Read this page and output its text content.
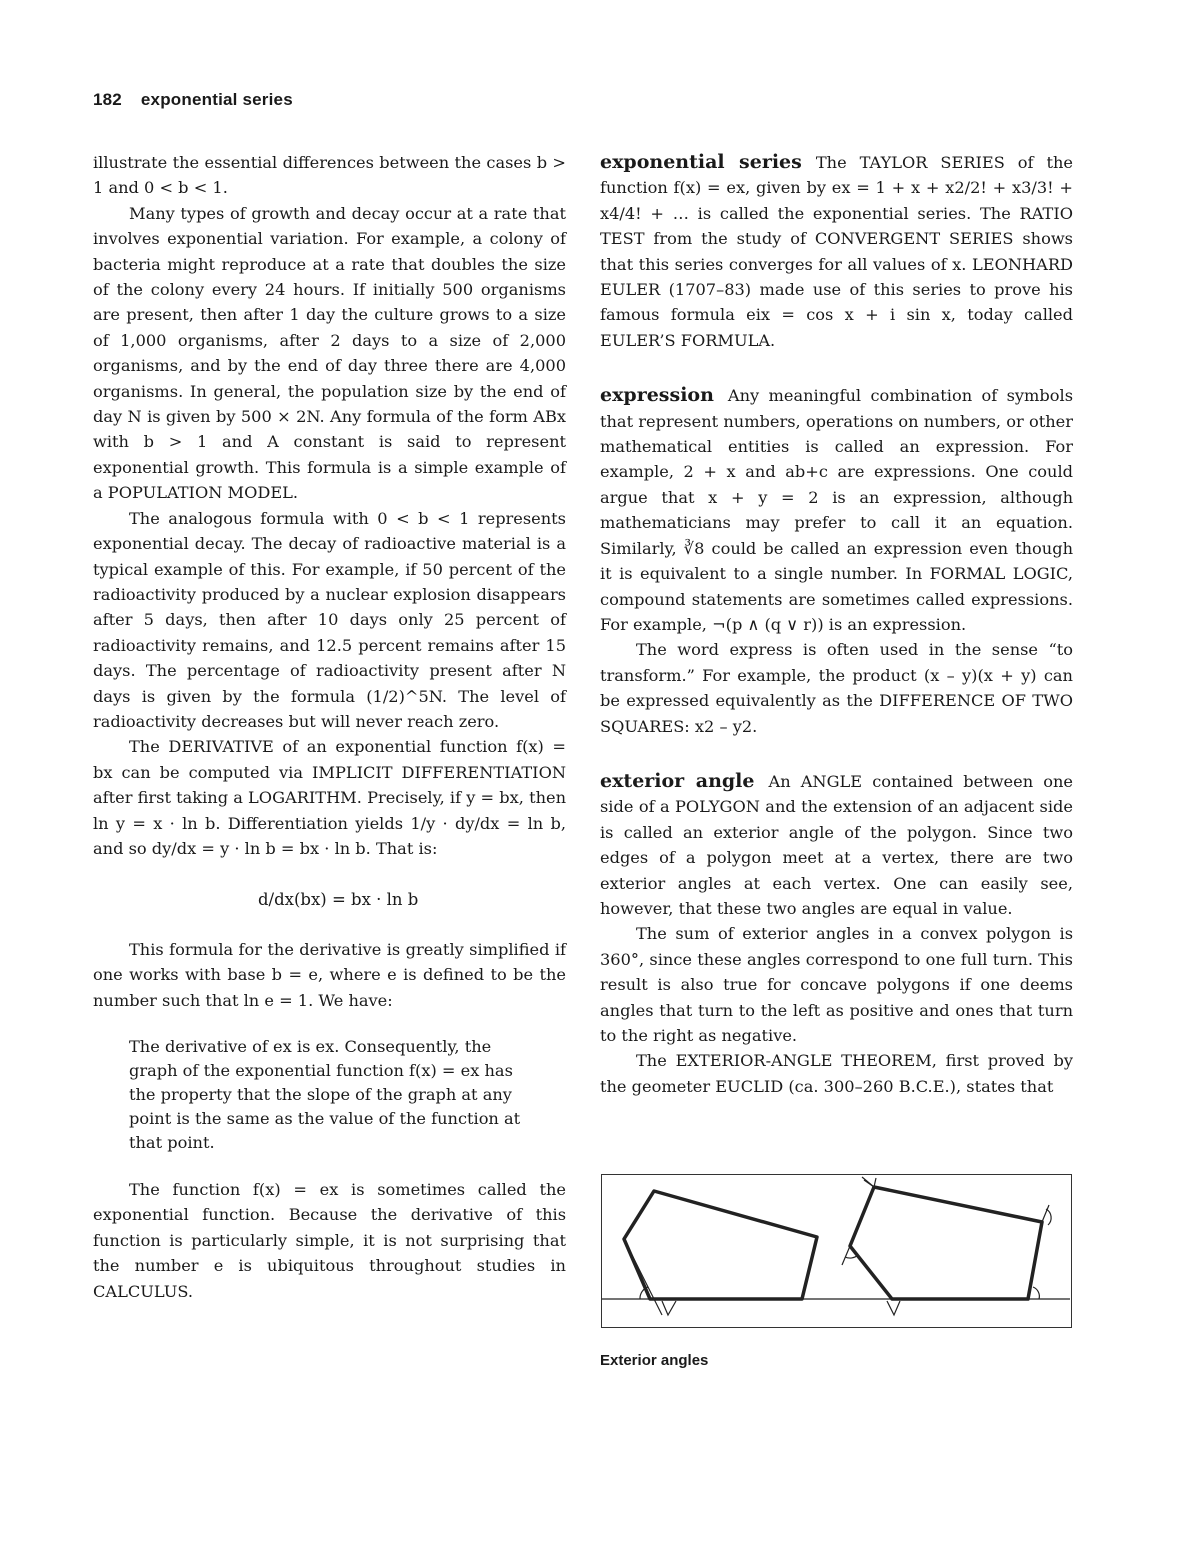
182 exponential series

illustrate the essential differences between the cases b > 1 and 0 < b < 1.

Many types of growth and decay occur at a rate that involves exponential variation. For example, a colony of bacteria might reproduce at a rate that doubles the size of the colony every 24 hours. If initially 500 organisms are present, then after 1 day the culture grows to a size of 1,000 organisms, after 2 days to a size of 2,000 organisms, and by the end of day three there are 4,000 organisms. In general, the population size by the end of day N is given by 500 × 2N. Any formula of the form ABx with b > 1 and A constant is said to represent exponential growth. This formula is a simple example of a POPULATION MODEL.

The analogous formula with 0 < b < 1 represents exponential decay. The decay of radioactive material is a typical example of this. For example, if 50 percent of the radioactivity produced by a nuclear explosion disappears after 5 days, then after 10 days only 25 percent of radioactivity remains, and 12.5 percent remains after 15 days. The percentage of radioactivity present after N days is given by the formula (1/2)^5N. The level of radioactivity decreases but will never reach zero.

The DERIVATIVE of an exponential function f(x) = bx can be computed via IMPLICIT DIFFERENTIATION after first taking a LOGARITHM. Precisely, if y = bx, then ln y = x · ln b. Differentiation yields 1/y · dy/dx = ln b, and so dy/dx = y · ln b = bx · ln b. That is:

d/dx(bx) = bx · ln b

This formula for the derivative is greatly simplified if one works with base b = e, where e is defined to be the number such that ln e = 1. We have:

The derivative of ex is ex. Consequently, the graph of the exponential function f(x) = ex has the property that the slope of the graph at any point is the same as the value of the function at that point.

The function f(x) = ex is sometimes called the exponential function. Because the derivative of this function is particularly simple, it is not surprising that the number e is ubiquitous throughout studies in CALCULUS.

exponential series The TAYLOR SERIES of the function f(x) = ex, given by ex = 1 + x + x2/2! + x3/3! + x4/4! + … is called the exponential series. The RATIO TEST from the study of CONVERGENT SERIES shows that this series converges for all values of x. LEONHARD EULER (1707–83) made use of this series to prove his famous formula eix = cos x + i sin x, today called EULER’S FORMULA.

expression Any meaningful combination of symbols that represent numbers, operations on numbers, or other mathematical entities is called an expression. For example, 2 + x and ab+c are expressions. One could argue that x + y = 2 is an expression, although mathematicians may prefer to call it an equation. Similarly, ∛8 could be called an expression even though it is equivalent to a single number. In FORMAL LOGIC, compound statements are sometimes called expressions. For example, ¬(p ∧ (q ∨ r)) is an expression.

The word express is often used in the sense “to transform.” For example, the product (x – y)(x + y) can be expressed equivalently as the DIFFERENCE OF TWO SQUARES: x2 – y2.

exterior angle An ANGLE contained between one side of a POLYGON and the extension of an adjacent side is called an exterior angle of the polygon. Since two edges of a polygon meet at a vertex, there are two exterior angles at each vertex. One can easily see, however, that these two angles are equal in value.

The sum of exterior angles in a convex polygon is 360°, since these angles correspond to one full turn. This result is also true for concave polygons if one deems angles that turn to the left as positive and ones that turn to the right as negative.

The EXTERIOR-ANGLE THEOREM, first proved by the geometer EUCLID (ca. 300–260 B.C.E.), states that

Exterior angles
